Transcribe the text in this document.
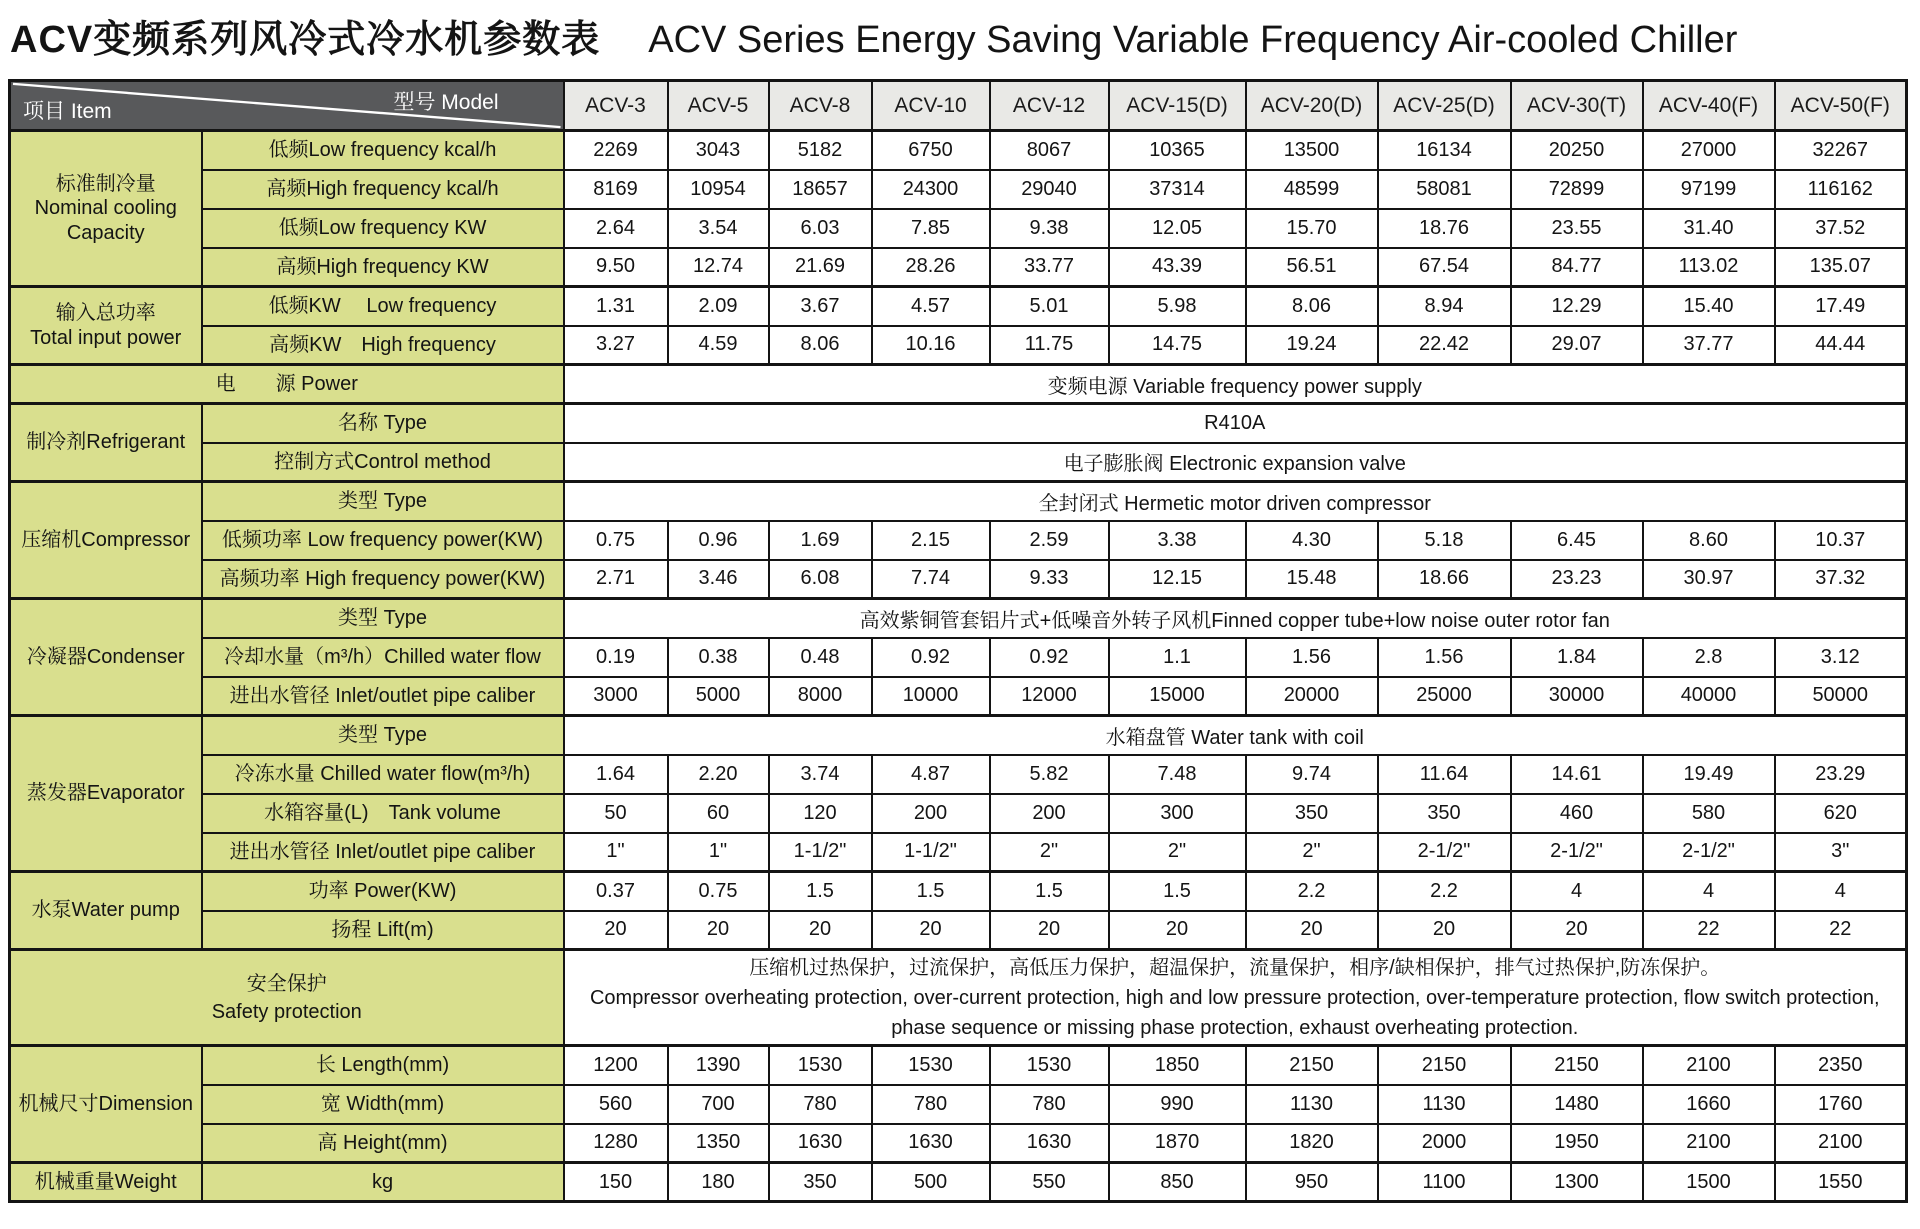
ACV变频系列风冷式冷水机参数表 ACV Series Energy Saving Variable Frequency Air-cooled Chiller
型号 Model
项目 Item		ACV-3	ACV-5	ACV-8	ACV-10	ACV-12	ACV-15(D)	ACV-20(D)	ACV-25(D)	ACV-30(T)	ACV-40(F)	ACV-50(F)
标准制冷量
Nominal cooling
Capacity	低频Low frequency kcal/h	2269	3043	5182	6750	8067	10365	13500	16134	20250	27000	32267
	高频High frequency kcal/h	8169	10954	18657	24300	29040	37314	48599	58081	72899	97199	116162
	低频Low frequency KW	2.64	3.54	6.03	7.85	9.38	12.05	15.70	18.76	23.55	31.40	37.52
	高频High frequency KW	9.50	12.74	21.69	28.26	33.77	43.39	56.51	67.54	84.77	113.02	135.07
输入总功率
Total input power	低频KW　 Low frequency	1.31	2.09	3.67	4.57	5.01	5.98	8.06	8.94	12.29	15.40	17.49
	高频KW　High frequency	3.27	4.59	8.06	10.16	11.75	14.75	19.24	22.42	29.07	37.77	44.44
电　　源 Power		变频电源 Variable frequency power supply										
制冷剂Refrigerant	名称 Type	R410A										
	控制方式Control method	电子膨胀阀 Electronic expansion valve										
压缩机Compressor	类型 Type	全封闭式 Hermetic motor driven compressor										
	低频功率 Low frequency power(KW)	0.75	0.96	1.69	2.15	2.59	3.38	4.30	5.18	6.45	8.60	10.37
	高频功率 High frequency power(KW)	2.71	3.46	6.08	7.74	9.33	12.15	15.48	18.66	23.23	30.97	37.32
冷凝器Condenser	类型 Type	高效紫铜管套铝片式+低噪音外转子风机Finned copper tube+low noise outer rotor fan										
	冷却水量（m³/h）Chilled water flow	0.19	0.38	0.48	0.92	0.92	1.1	1.56	1.56	1.84	2.8	3.12
	进出水管径 Inlet/outlet pipe caliber	3000	5000	8000	10000	12000	15000	20000	25000	30000	40000	50000
蒸发器Evaporator	类型 Type	水箱盘管 Water tank with coil										
	冷冻水量 Chilled water flow(m³/h)	1.64	2.20	3.74	4.87	5.82	7.48	9.74	11.64	14.61	19.49	23.29
	水箱容量(L)　Tank volume	50	60	120	200	200	300	350	350	460	580	620
	进出水管径 Inlet/outlet pipe caliber	1"	1"	1-1/2"	1-1/2"	2"	2"	2"	2-1/2"	2-1/2"	2-1/2"	3"
水泵Water pump	功率 Power(KW)	0.37	0.75	1.5	1.5	1.5	1.5	2.2	2.2	4	4	4
	扬程 Lift(m)	20	20	20	20	20	20	20	20	20	22	22

安全保护
Safety protection

压缩机过热保护，过流保护，高低压力保护，超温保护，流量保护，相序/缺相保护，排气过热保护,防冻保护。
Compressor overheating protection, over-current protection, high and low pressure protection, over-temperature protection, flow switch protection, phase sequence or missing phase protection, exhaust overheating protection.

机械尺寸Dimension	长 Length(mm)	1200	1390	1530	1530	1530	1850	2150	2150	2150	2100	2350
	宽 Width(mm)	560	700	780	780	780	990	1130	1130	1480	1660	1760
	高 Height(mm)	1280	1350	1630	1630	1630	1870	1820	2000	1950	2100	2100
机械重量Weight	kg	150	180	350	500	550	850	950	1100	1300	1500	1550
